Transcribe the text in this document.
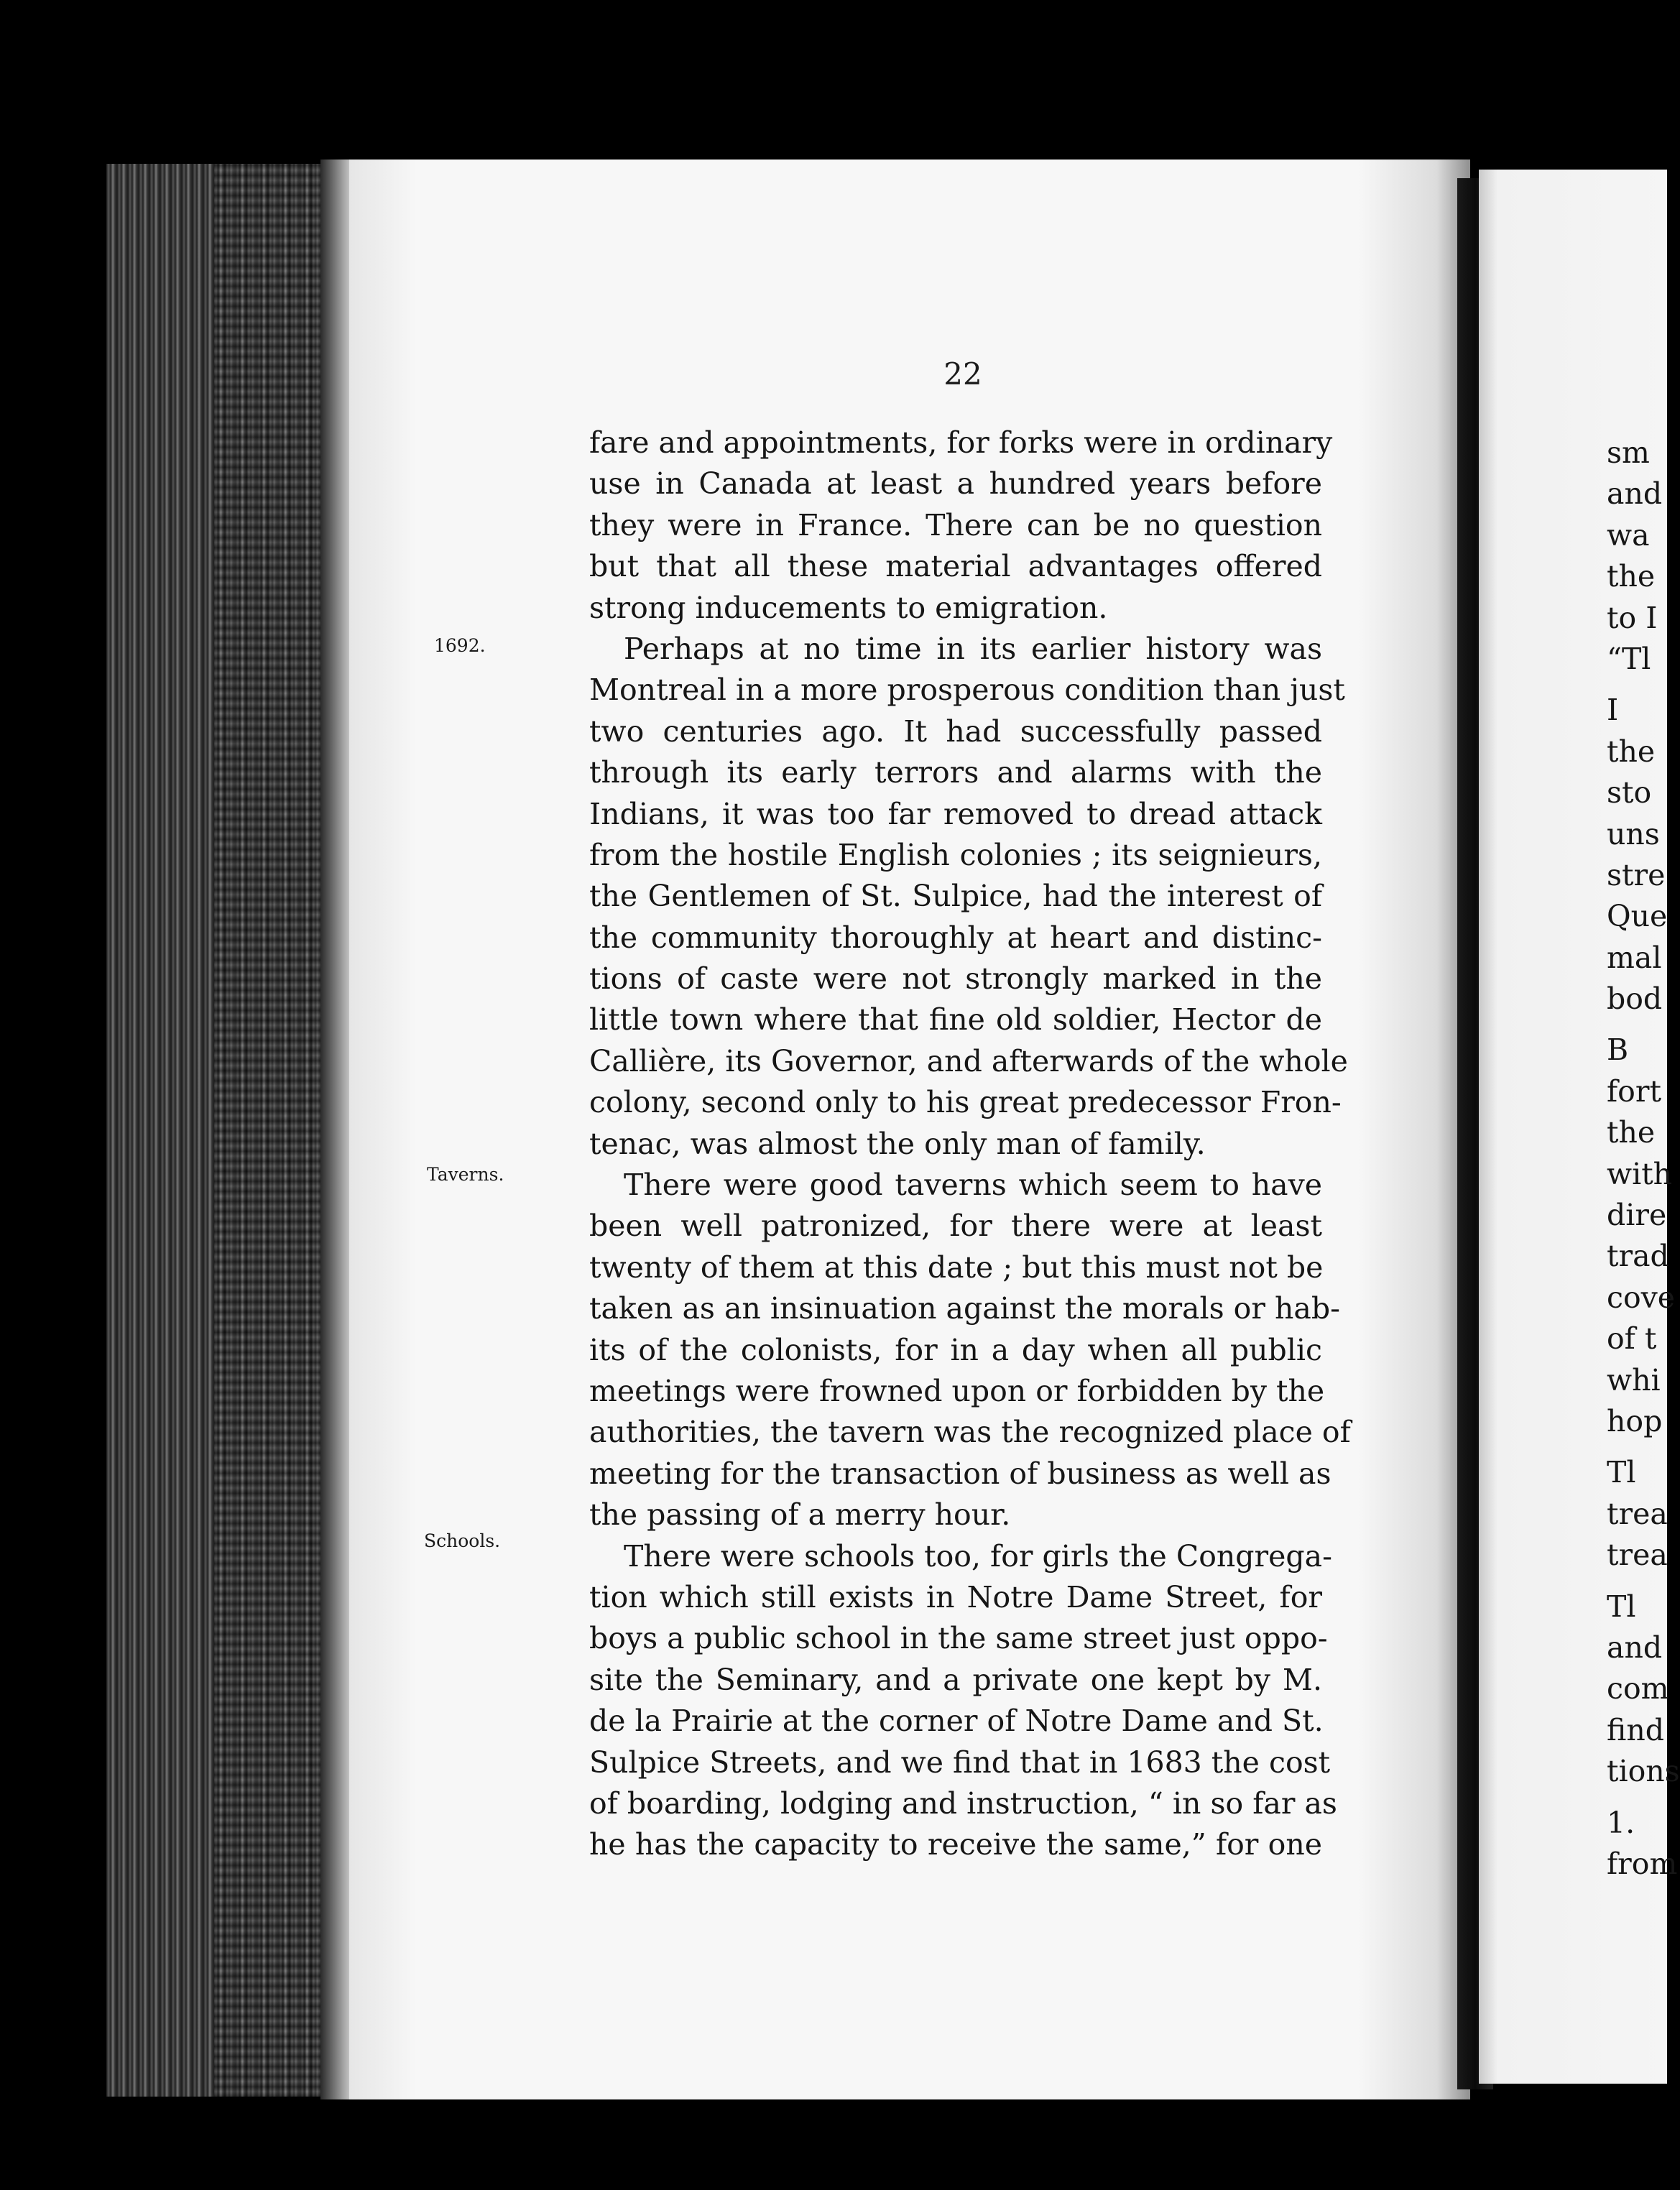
22
1692.
Taverns.
Schools.
fare and appointments, for forks were in ordinary
use in Canada at least a hundred years before
they were in France. There can be no question
but that all these material advantages offered
strong inducements to emigration.
Perhaps at no time in its earlier history was
Montreal in a more prosperous condition than just
two centuries ago. It had successfully passed
through its early terrors and alarms with the
Indians, it was too far removed to dread attack
from the hostile English colonies ; its seignieurs,
the Gentlemen of St. Sulpice, had the interest of
the community thoroughly at heart and distinc-
tions of caste were not strongly marked in the
little town where that fine old soldier, Hector de
Callière, its Governor, and afterwards of the whole
colony, second only to his great predecessor Fron-
tenac, was almost the only man of family.
There were good taverns which seem to have
been well patronized, for there were at least
twenty of them at this date ; but this must not be
taken as an insinuation against the morals or hab-
its of the colonists, for in a day when all public
meetings were frowned upon or forbidden by the
authorities, the tavern was the recognized place of
meeting for the transaction of business as well as
the passing of a merry hour.
There were schools too, for girls the Congrega-
tion which still exists in Notre Dame Street, for
boys a public school in the same street just oppo-
site the Seminary, and a private one kept by M.
de la Prairie at the corner of Notre Dame and St.
Sulpice Streets, and we find that in 1683 the cost
of boarding, lodging and instruction, “ in so far as
he has the capacity to receive the same,” for one
sm
and
wa
the
to I
“Tl
I
the
sto
uns
stre
Que
mal
bod
B
fort
the
with
dire
trad
cove
of t
whi
hop
Tl
trea
trea
Tl
and
com
find
tions
1.
from
